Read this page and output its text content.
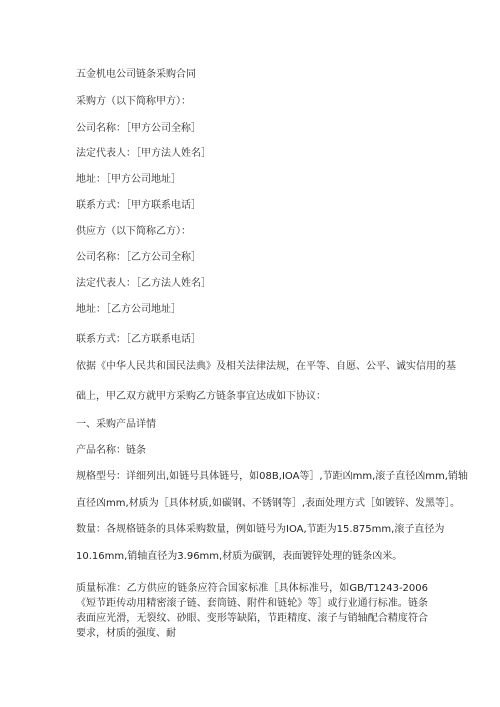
五金机电公司链条采购合同

采购方（以下简称甲方）：

公司名称：［甲方公司全称］

法定代表人：［甲方法人姓名］

地址：［甲方公司地址］

联系方式：［甲方联系电话］

供应方（以下简称乙方）：

公司名称：［乙方公司全称］

法定代表人：［乙方法人姓名］

地址：［乙方公司地址］

联系方式：［乙方联系电话］

依据《中华人民共和国民法典》及相关法律法规，在平等、自愿、公平、诚实信用的基

础上，甲乙双方就甲方采购乙方链条事宜达成如下协议：

一、采购产品详情

产品名称：链条

规格型号：详细列出,如链号具体链号，如08B,IOA等］,节距凶mm,滚子直径凶mm,销轴

直径凶mm,材质为［具体材质,如碳钢、不锈钢等］,表面处理方式［如镀锌、发黑等］。

数量：各规格链条的具体采购数量，例如链号为IOA,节距为15.875mm,滚子直径为

10.16mm,销轴直径为3.96mm,材质为碳钢，表面镀锌处理的链条凶米。

质量标准：乙方供应的链条应符合国家标准［具体标准号，如GB/T1243-2006《短节距传动用精密滚子链、套筒链、附件和链轮》等］或行业通行标准。链条表面应光滑，无裂纹、砂眼、变形等缺陷，节距精度、滚子与销轴配合精度符合要求，材质的强度、耐
